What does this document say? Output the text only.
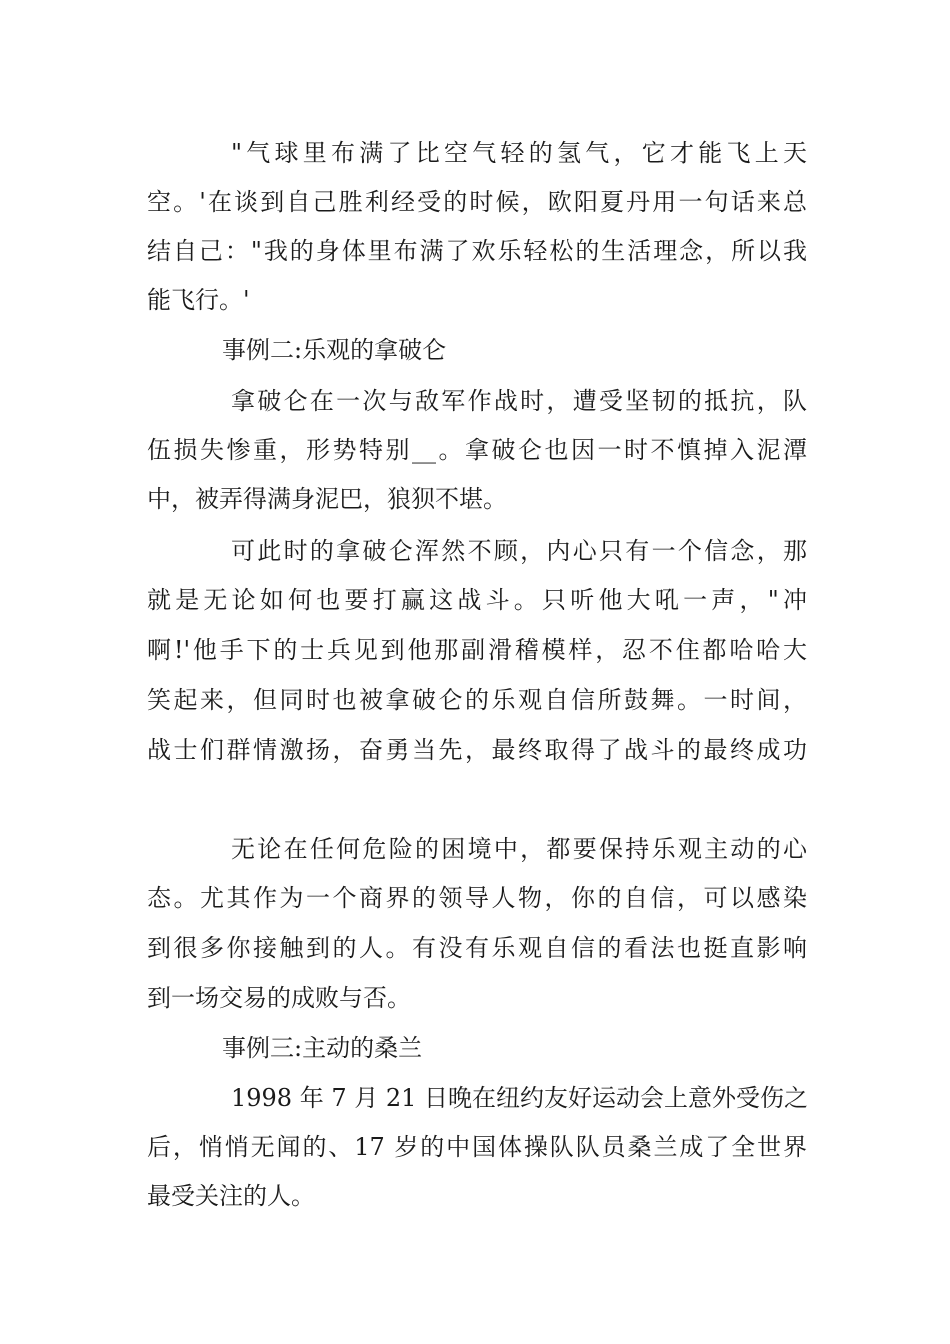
"气球里布满了比空气轻的氢气，它才能飞上天
空。'在谈到自己胜利经受的时候，欧阳夏丹用一句话来总
结自己："我的身体里布满了欢乐轻松的生活理念，所以我
能飞行。'
事例二:乐观的拿破仑
拿破仑在一次与敌军作战时，遭受坚韧的抵抗，队
伍损失惨重，形势特别__。拿破仑也因一时不慎掉入泥潭
中，被弄得满身泥巴，狼狈不堪。
可此时的拿破仑浑然不顾，内心只有一个信念，那
就是无论如何也要打赢这战斗。只听他大吼一声，"冲
啊!'他手下的士兵见到他那副滑稽模样，忍不住都哈哈大
笑起来，但同时也被拿破仑的乐观自信所鼓舞。一时间，
战士们群情激扬，奋勇当先，最终取得了战斗的最终成功
无论在任何危险的困境中，都要保持乐观主动的心
态。尤其作为一个商界的领导人物，你的自信，可以感染
到很多你接触到的人。有没有乐观自信的看法也挺直影响
到一场交易的成败与否。
事例三:主动的桑兰
1998 年 7 月 21 日晚在纽约友好运动会上意外受伤之
后，悄悄无闻的、17 岁的中国体操队队员桑兰成了全世界
最受关注的人。
